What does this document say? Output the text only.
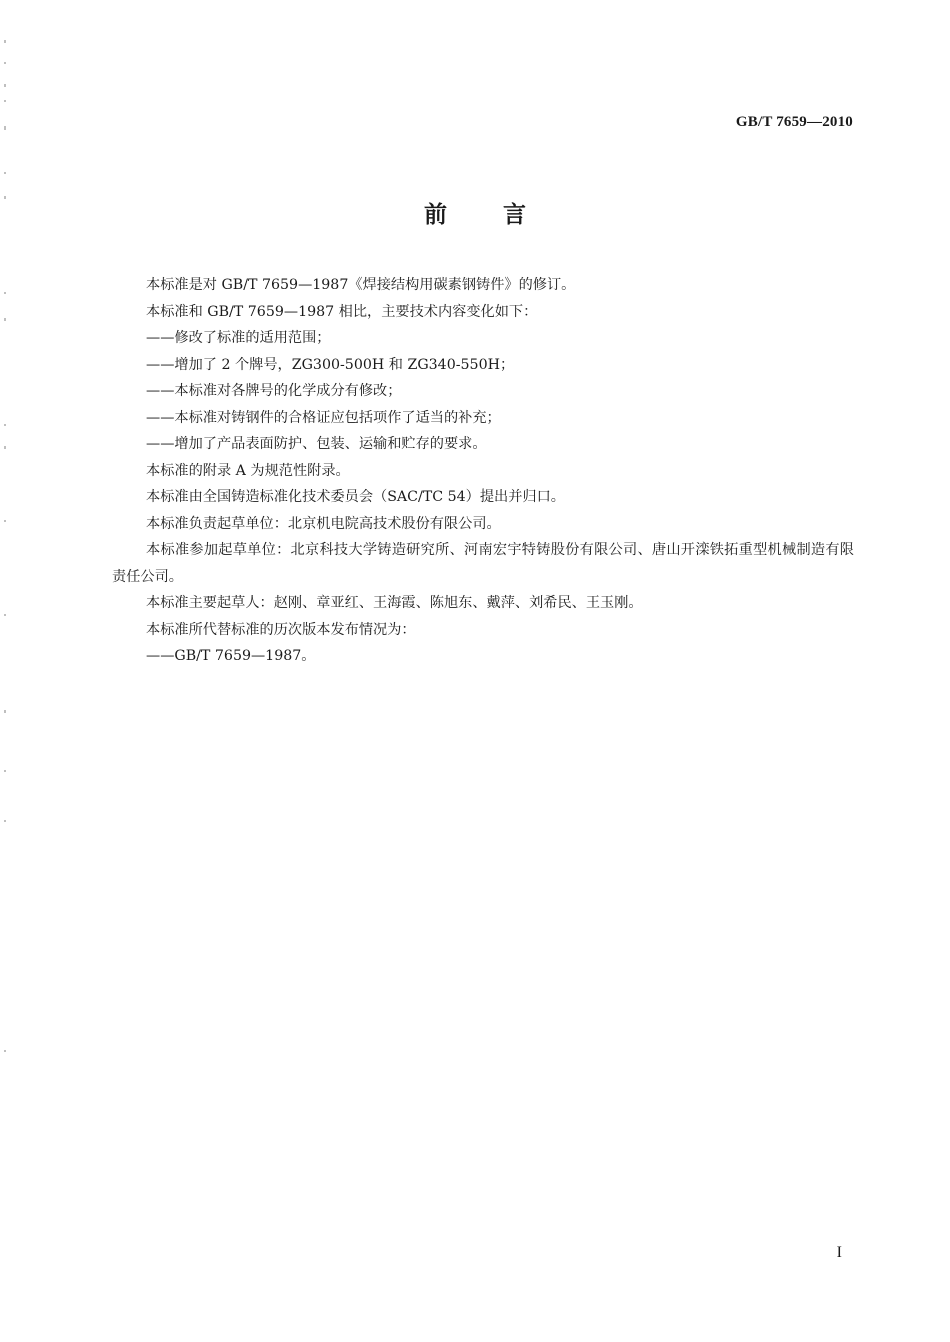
GB/T 7659—2010
前言

本标准是对 GB/T 7659—1987《焊接结构用碳素钢铸件》的修订。

本标准和 GB/T 7659—1987 相比，主要技术内容变化如下：

——修改了标准的适用范围；

——增加了 2 个牌号，ZG300-500H 和 ZG340-550H；

——本标准对各牌号的化学成分有修改；

——本标准对铸钢件的合格证应包括项作了适当的补充；

——增加了产品表面防护、包装、运输和贮存的要求。

本标准的附录 A 为规范性附录。

本标准由全国铸造标准化技术委员会（SAC/TC 54）提出并归口。

本标准负责起草单位：北京机电院高技术股份有限公司。

本标准参加起草单位：北京科技大学铸造研究所、河南宏宇特铸股份有限公司、唐山开滦铁拓重型机械制造有限责任公司。

本标准主要起草人：赵刚、章亚红、王海霞、陈旭东、戴萍、刘希民、王玉刚。

本标准所代替标准的历次版本发布情况为：

——GB/T 7659—1987。

I
